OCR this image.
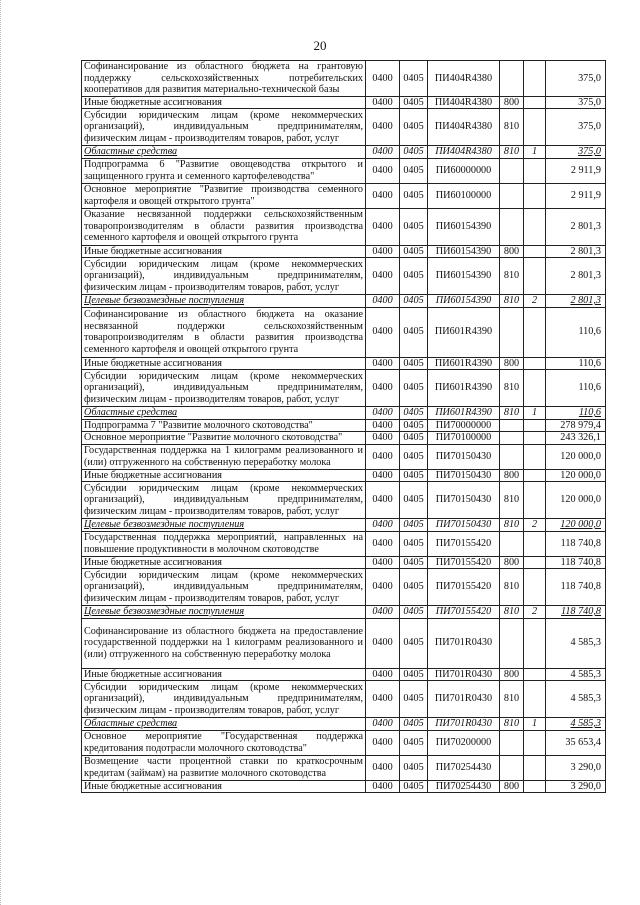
20
Софинансирование из областного бюджета на грантовую поддержку сельскохозяйственных потребительских кооперативов для развития материально-технической базы	0400	0405	ПИ404R4380			375,0
Иные бюджетные ассигнования	0400	0405	ПИ404R4380	800		375,0
Субсидии юридическим лицам (кроме некоммерческих организаций), индивидуальным предпринимателям, физическим лицам - производителям товаров, работ, услуг	0400	0405	ПИ404R4380	810		375,0
Областные средства	0400	0405	ПИ404R4380	810	1	375,0
Подпрограмма 6 "Развитие овощеводства открытого и защищенного грунта и семенного картофелеводства"	0400	0405	ПИ60000000			2 911,9
Основное мероприятие "Развитие производства семенного картофеля и овощей открытого грунта"	0400	0405	ПИ60100000			2 911,9
Оказание несвязанной поддержки сельскохозяйственным товаропроизводителям в области развития производства семенного картофеля и овощей открытого грунта	0400	0405	ПИ60154390			2 801,3
Иные бюджетные ассигнования	0400	0405	ПИ60154390	800		2 801,3
Субсидии юридическим лицам (кроме некоммерческих организаций), индивидуальным предпринимателям, физическим лицам - производителям товаров, работ, услуг	0400	0405	ПИ60154390	810		2 801,3
Целевые безвозмездные поступления	0400	0405	ПИ60154390	810	2	2 801,3
Софинансирование из областного бюджета на оказание несвязанной поддержки сельскохозяйственным товаропроизводителям в области развития производства семенного картофеля и овощей открытого грунта	0400	0405	ПИ601R4390			110,6
Иные бюджетные ассигнования	0400	0405	ПИ601R4390	800		110,6
Субсидии юридическим лицам (кроме некоммерческих организаций), индивидуальным предпринимателям, физическим лицам - производителям товаров, работ, услуг	0400	0405	ПИ601R4390	810		110,6
Областные средства	0400	0405	ПИ601R4390	810	1	110,6
Подпрограмма 7 "Развитие молочного скотоводства"	0400	0405	ПИ70000000			278 979,4
Основное мероприятие "Развитие молочного скотоводства"	0400	0405	ПИ70100000			243 326,1
Государственная поддержка на 1 килограмм реализованного и (или) отгруженного на собственную переработку молока	0400	0405	ПИ70150430			120 000,0
Иные бюджетные ассигнования	0400	0405	ПИ70150430	800		120 000,0
Субсидии юридическим лицам (кроме некоммерческих организаций), индивидуальным предпринимателям, физическим лицам - производителям товаров, работ, услуг	0400	0405	ПИ70150430	810		120 000,0
Целевые безвозмездные поступления	0400	0405	ПИ70150430	810	2	120 000,0
Государственная поддержка мероприятий, направленных на повышение продуктивности в молочном скотоводстве	0400	0405	ПИ70155420			118 740,8
Иные бюджетные ассигнования	0400	0405	ПИ70155420	800		118 740,8
Субсидии юридическим лицам (кроме некоммерческих организаций), индивидуальным предпринимателям, физическим лицам - производителям товаров, работ, услуг	0400	0405	ПИ70155420	810		118 740,8
Целевые безвозмездные поступления	0400	0405	ПИ70155420	810	2	118 740,8
Софинансирование из областного бюджета на предоставление государственной поддержки на 1 килограмм реализованного и (или) отгруженного на собственную переработку молока	0400	0405	ПИ701R0430			4 585,3
Иные бюджетные ассигнования	0400	0405	ПИ701R0430	800		4 585,3
Субсидии юридическим лицам (кроме некоммерческих организаций), индивидуальным предпринимателям, физическим лицам - производителям товаров, работ, услуг	0400	0405	ПИ701R0430	810		4 585,3
Областные средства	0400	0405	ПИ701R0430	810	1	4 585,3
Основное мероприятие "Государственная поддержка кредитования подотрасли молочного скотоводства"	0400	0405	ПИ70200000			35 653,4
Возмещение части процентной ставки по краткосрочным кредитам (займам) на развитие молочного скотоводства	0400	0405	ПИ70254430			3 290,0
Иные бюджетные ассигнования	0400	0405	ПИ70254430	800		3 290,0
